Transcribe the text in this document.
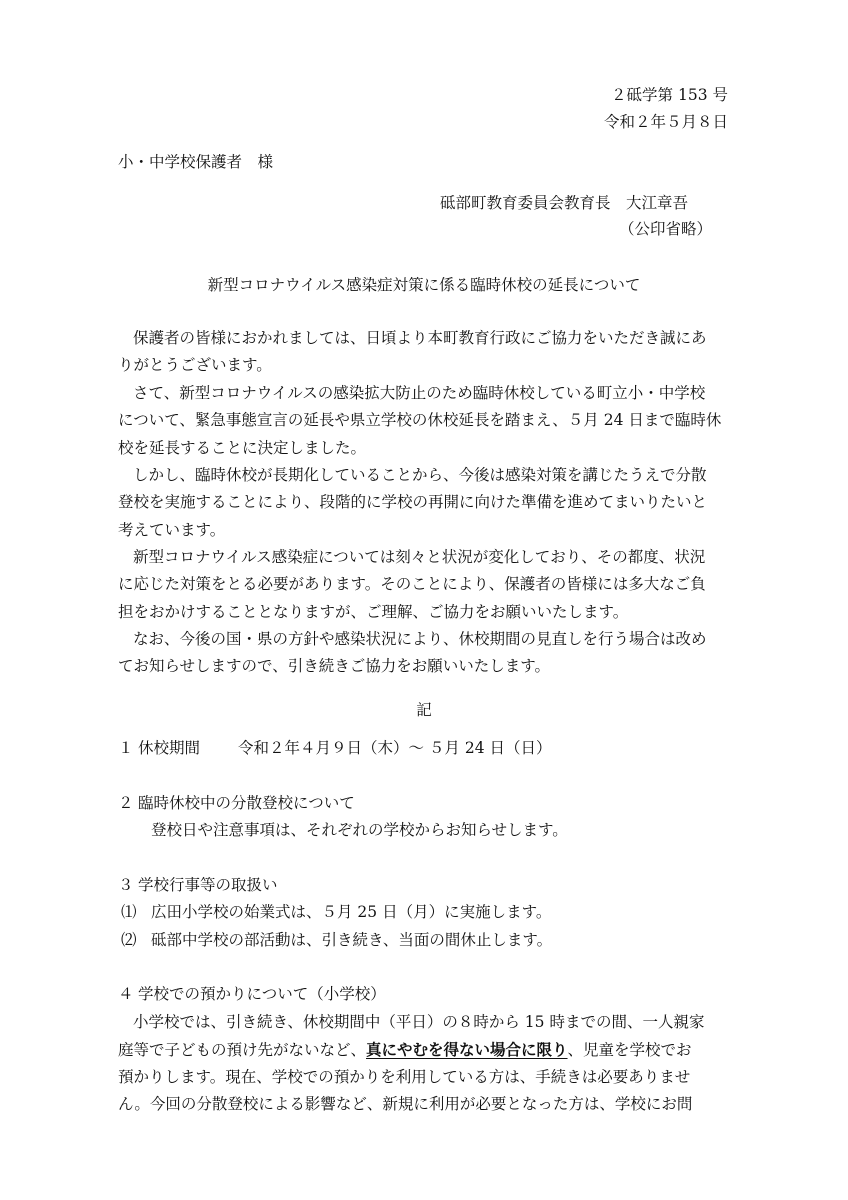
２砥学第 153 号
令和２年５月８日
小・中学校保護者　様
砥部町教育委員会教育長　大江章吾
（公印省略）
新型コロナウイルス感染症対策に係る臨時休校の延長について
保護者の皆様におかれましては、日頃より本町教育行政にご協力をいただき誠にあ
りがとうございます。
さて、新型コロナウイルスの感染拡大防止のため臨時休校している町立小・中学校
について、緊急事態宣言の延長や県立学校の休校延長を踏まえ、５月 24 日まで臨時休
校を延長することに決定しました。
しかし、臨時休校が長期化していることから、今後は感染対策を講じたうえで分散
登校を実施することにより、段階的に学校の再開に向けた準備を進めてまいりたいと
考えています。
新型コロナウイルス感染症については刻々と状況が変化しており、その都度、状況
に応じた対策をとる必要があります。そのことにより、保護者の皆様には多大なご負
担をおかけすることとなりますが、ご理解、ご協力をお願いいたします。
なお、今後の国・県の方針や感染状況により、休校期間の見直しを行う場合は改め
てお知らせしますので、引き続きご協力をお願いいたします。
記
１ 休校期間 令和２年４月９日（木）～ ５月 24 日（日）
２ 臨時休校中の分散登校について
登校日や注意事項は、それぞれの学校からお知らせします。
３ 学校行事等の取扱い
⑴ 広田小学校の始業式は、５月 25 日（月）に実施します。
⑵ 砥部中学校の部活動は、引き続き、当面の間休止します。
４ 学校での預かりについて（小学校）
小学校では、引き続き、休校期間中（平日）の８時から 15 時までの間、一人親家
庭等で子どもの預け先がないなど、真にやむを得ない場合に限り、児童を学校でお
預かりします。現在、学校での預かりを利用している方は、手続きは必要ありませ
ん。今回の分散登校による影響など、新規に利用が必要となった方は、学校にお問
